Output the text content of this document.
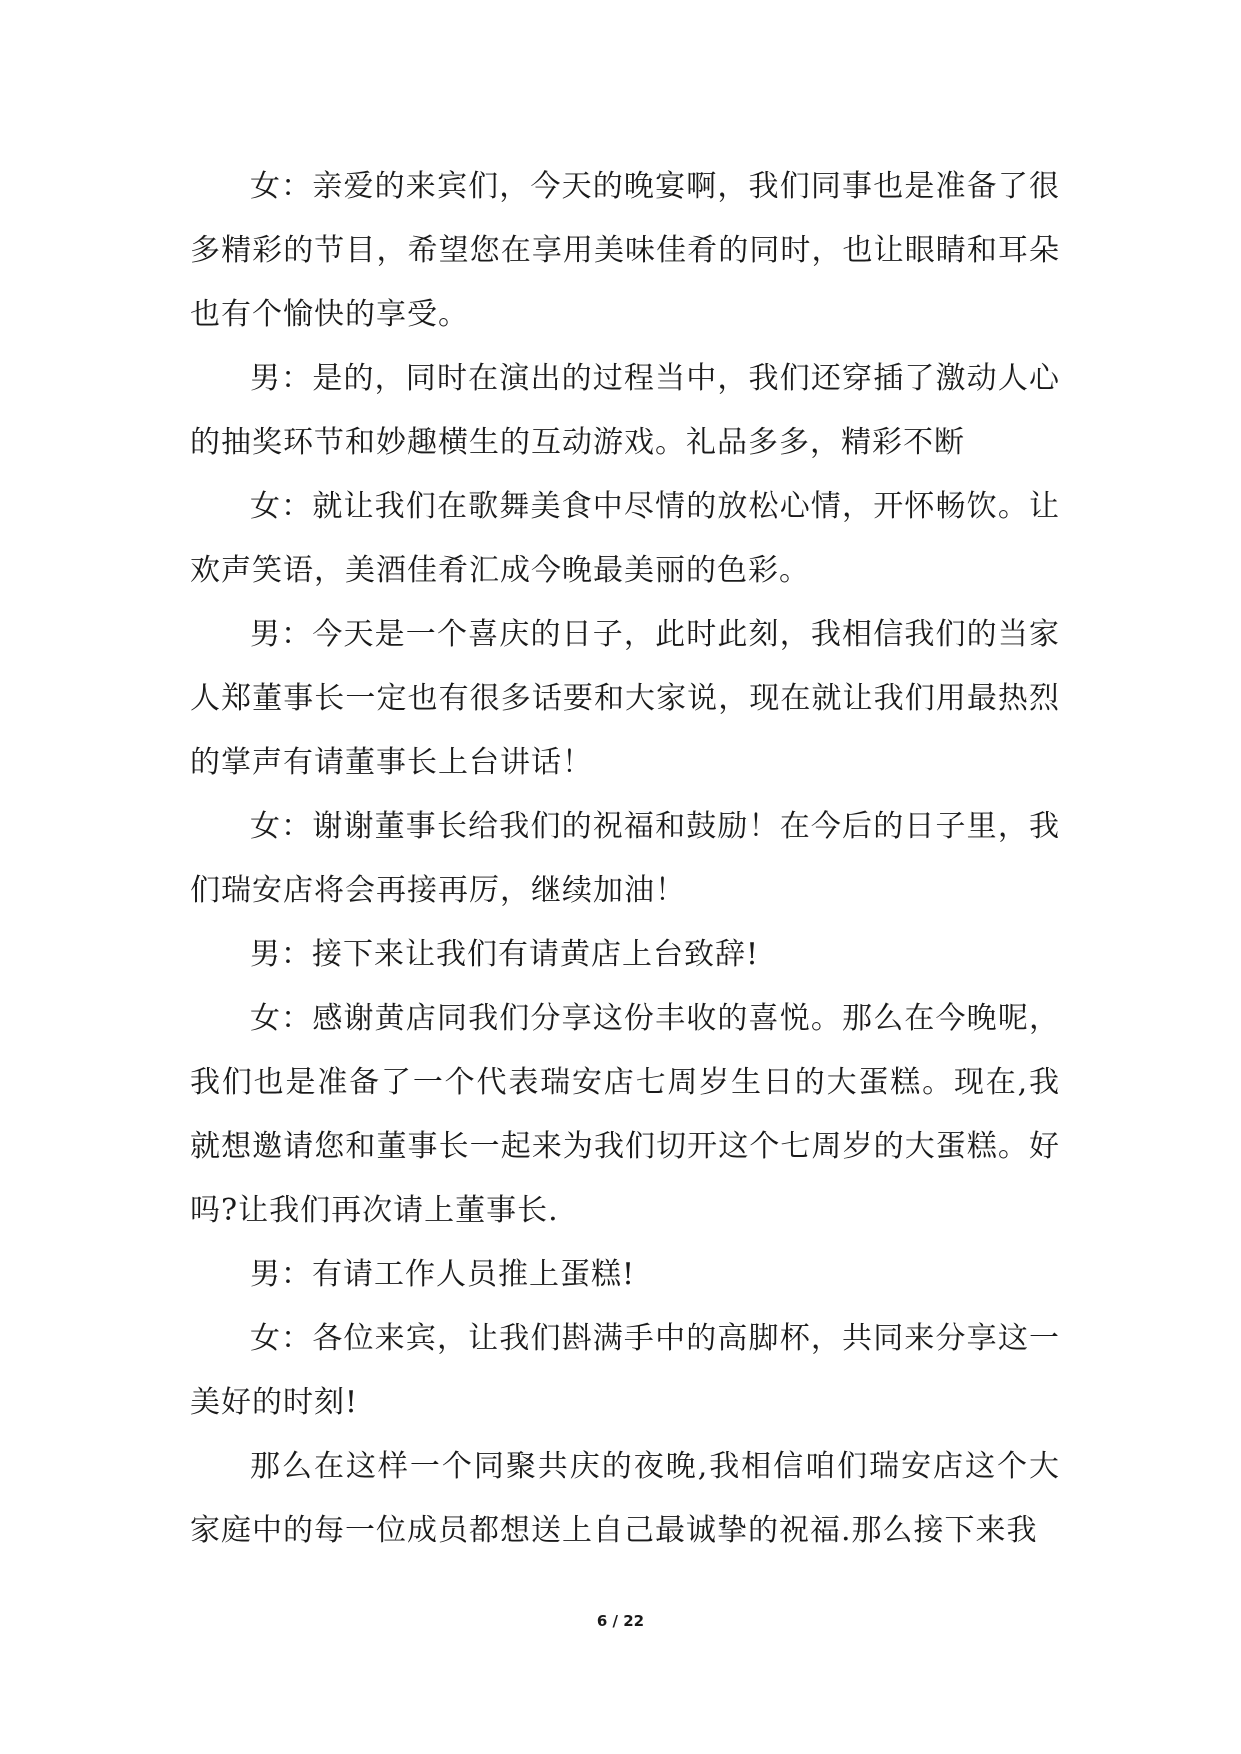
女：亲爱的来宾们，今天的晚宴啊，我们同事也是准备了很多精彩的节目，希望您在享用美味佳肴的同时，也让眼睛和耳朵也有个愉快的享受。

男：是的，同时在演出的过程当中，我们还穿插了激动人心的抽奖环节和妙趣横生的互动游戏。礼品多多，精彩不断

女：就让我们在歌舞美食中尽情的放松心情，开怀畅饮。让欢声笑语，美酒佳肴汇成今晚最美丽的色彩。

男：今天是一个喜庆的日子，此时此刻，我相信我们的当家人郑董事长一定也有很多话要和大家说，现在就让我们用最热烈的掌声有请董事长上台讲话！

女：谢谢董事长给我们的祝福和鼓励！在今后的日子里，我们瑞安店将会再接再厉，继续加油！

男：接下来让我们有请黄店上台致辞!

女：感谢黄店同我们分享这份丰收的喜悦。那么在今晚呢，我们也是准备了一个代表瑞安店七周岁生日的大蛋糕。现在,我就想邀请您和董事长一起来为我们切开这个七周岁的大蛋糕。好吗?让我们再次请上董事长.

男：有请工作人员推上蛋糕!

女：各位来宾，让我们斟满手中的高脚杯，共同来分享这一美好的时刻!

那么在这样一个同聚共庆的夜晚,我相信咱们瑞安店这个大家庭中的每一位成员都想送上自己最诚挚的祝福.那么接下来我

6 / 22
